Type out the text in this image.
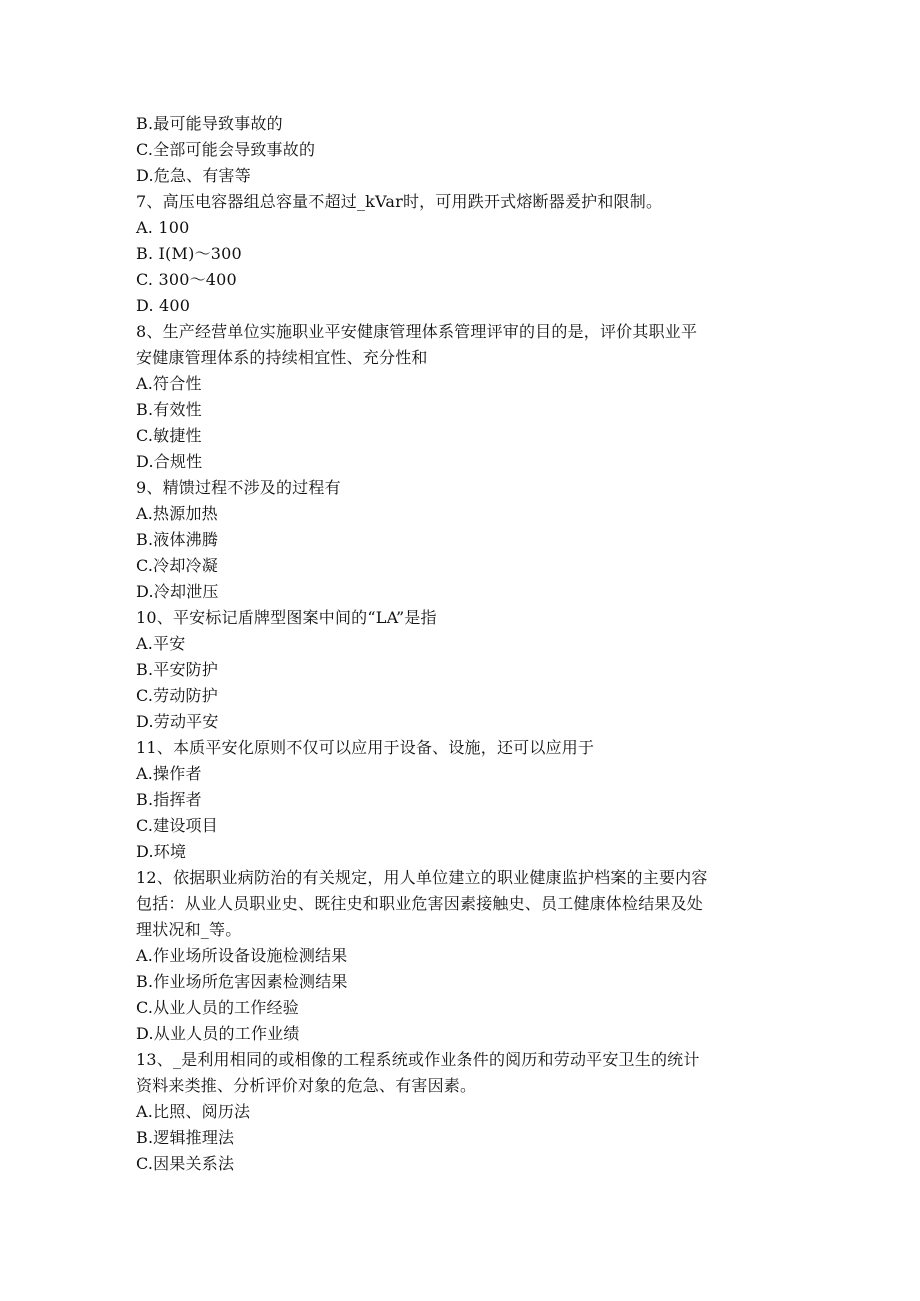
B.最可能导致事故的
C.全部可能会导致事故的
D.危急、有害等
7、高压电容器组总容量不超过_kVar时，可用跌开式熔断器爰护和限制。
A. 100
B. I(M)～300
C. 300～400
D. 400
8、生产经营单位实施职业平安健康管理体系管理评审的目的是，评价其职业平
安健康管理体系的持续相宜性、充分性和
A.符合性
B.有效性
C.敏捷性
D.合规性
9、精馈过程不涉及的过程有
A.热源加热
B.液体沸腾
C.冷却冷凝
D.冷却泄压
10、平安标记盾牌型图案中间的“LA”是指
A.平安
B.平安防护
C.劳动防护
D.劳动平安
11、本质平安化原则不仅可以应用于设备、设施，还可以应用于
A.操作者
B.指挥者
C.建设项目
D.环境
12、依据职业病防治的有关规定，用人单位建立的职业健康监护档案的主要内容
包括：从业人员职业史、既往史和职业危害因素接触史、员工健康体检结果及处
理状况和_等。
A.作业场所设备设施检测结果
B.作业场所危害因素检测结果
C.从业人员的工作经验
D.从业人员的工作业绩
13、_是利用相同的或相像的工程系统或作业条件的阅历和劳动平安卫生的统计
资料来类推、分析评价对象的危急、有害因素。
A.比照、阅历法
B.逻辑推理法
C.因果关系法
